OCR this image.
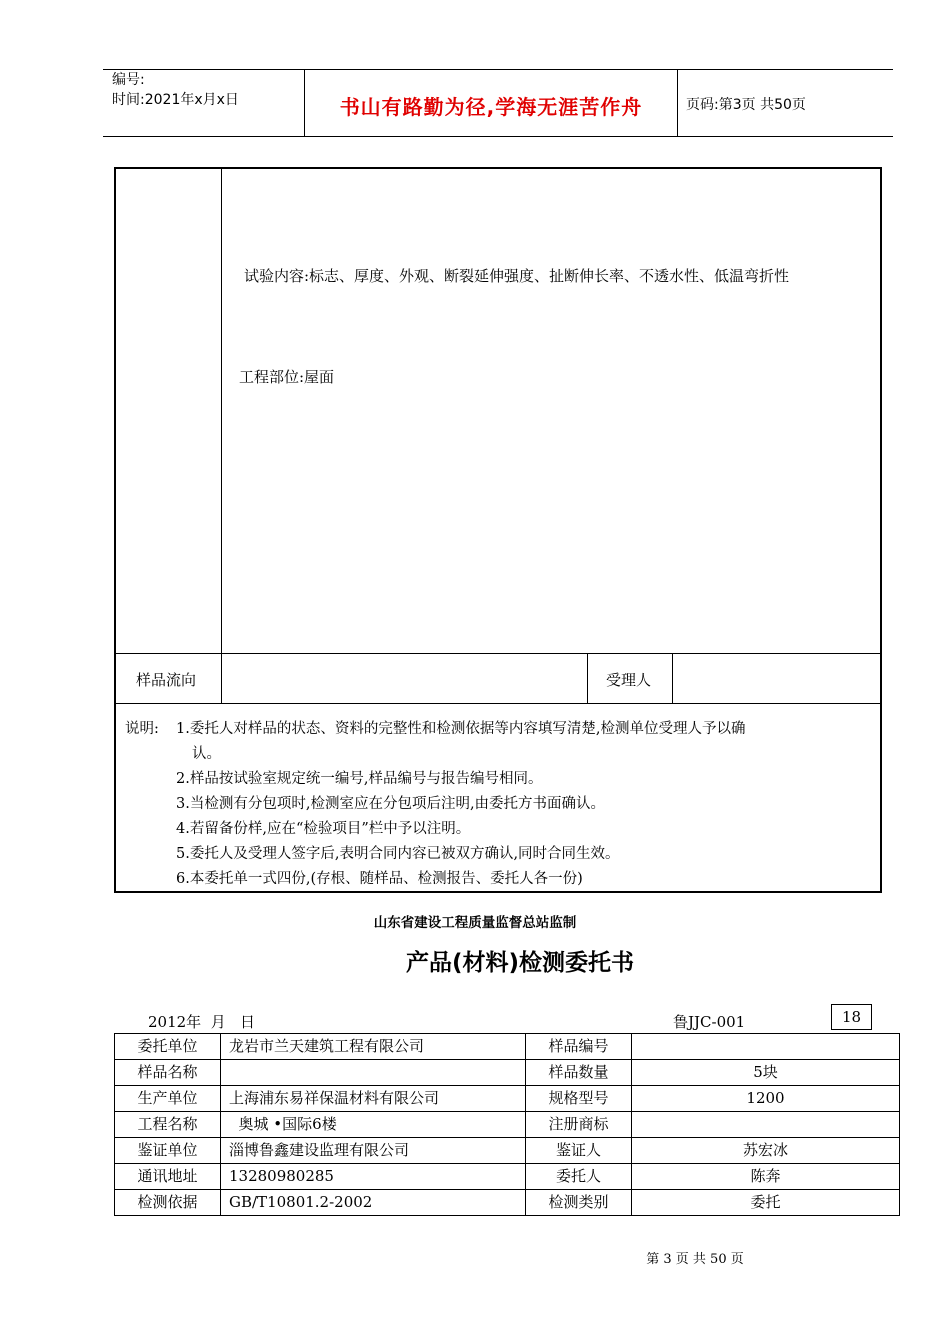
编号:
时间:2021年x月x日	书山有路勤为径,学海无涯苦作舟	页码:第3页 共50页
试验内容:标志、厚度、外观、断裂延伸强度、扯断伸长率、不透水性、低温弯折性
工程部位:屋面
样品流向	受理人
说明: 1.委托人对样品的状态、资料的完整性和检测依据等内容填写清楚,检测单位受理人予以确
认。
2.样品按试验室规定统一编号,样品编号与报告编号相同。
3.当检测有分包项时,检测室应在分包项后注明,由委托方书面确认。
4.若留备份样,应在“检验项目”栏中予以注明。
5.委托人及受理人签字后,表明合同内容已被双方确认,同时合同生效。
6.本委托单一式四份,(存根、随样品、检测报告、委托人各一份)
山东省建设工程质量监督总站监制
产品(材料)检测委托书
2012年  月   日	鲁JJC-001	18
委托单位	龙岩市兰天建筑工程有限公司	样品编号	
样品名称		样品数量	5块
生产单位	上海浦东易祥保温材料有限公司	规格型号	1200
工程名称	奥城 •国际6楼	注册商标	
鉴证单位	淄博鲁鑫建设监理有限公司	鉴证人	苏宏冰
通讯地址	13280980285	委托人	陈奔
检测依据	GB/T10801.2-2002	检测类别	委托
第 3 页 共 50 页
